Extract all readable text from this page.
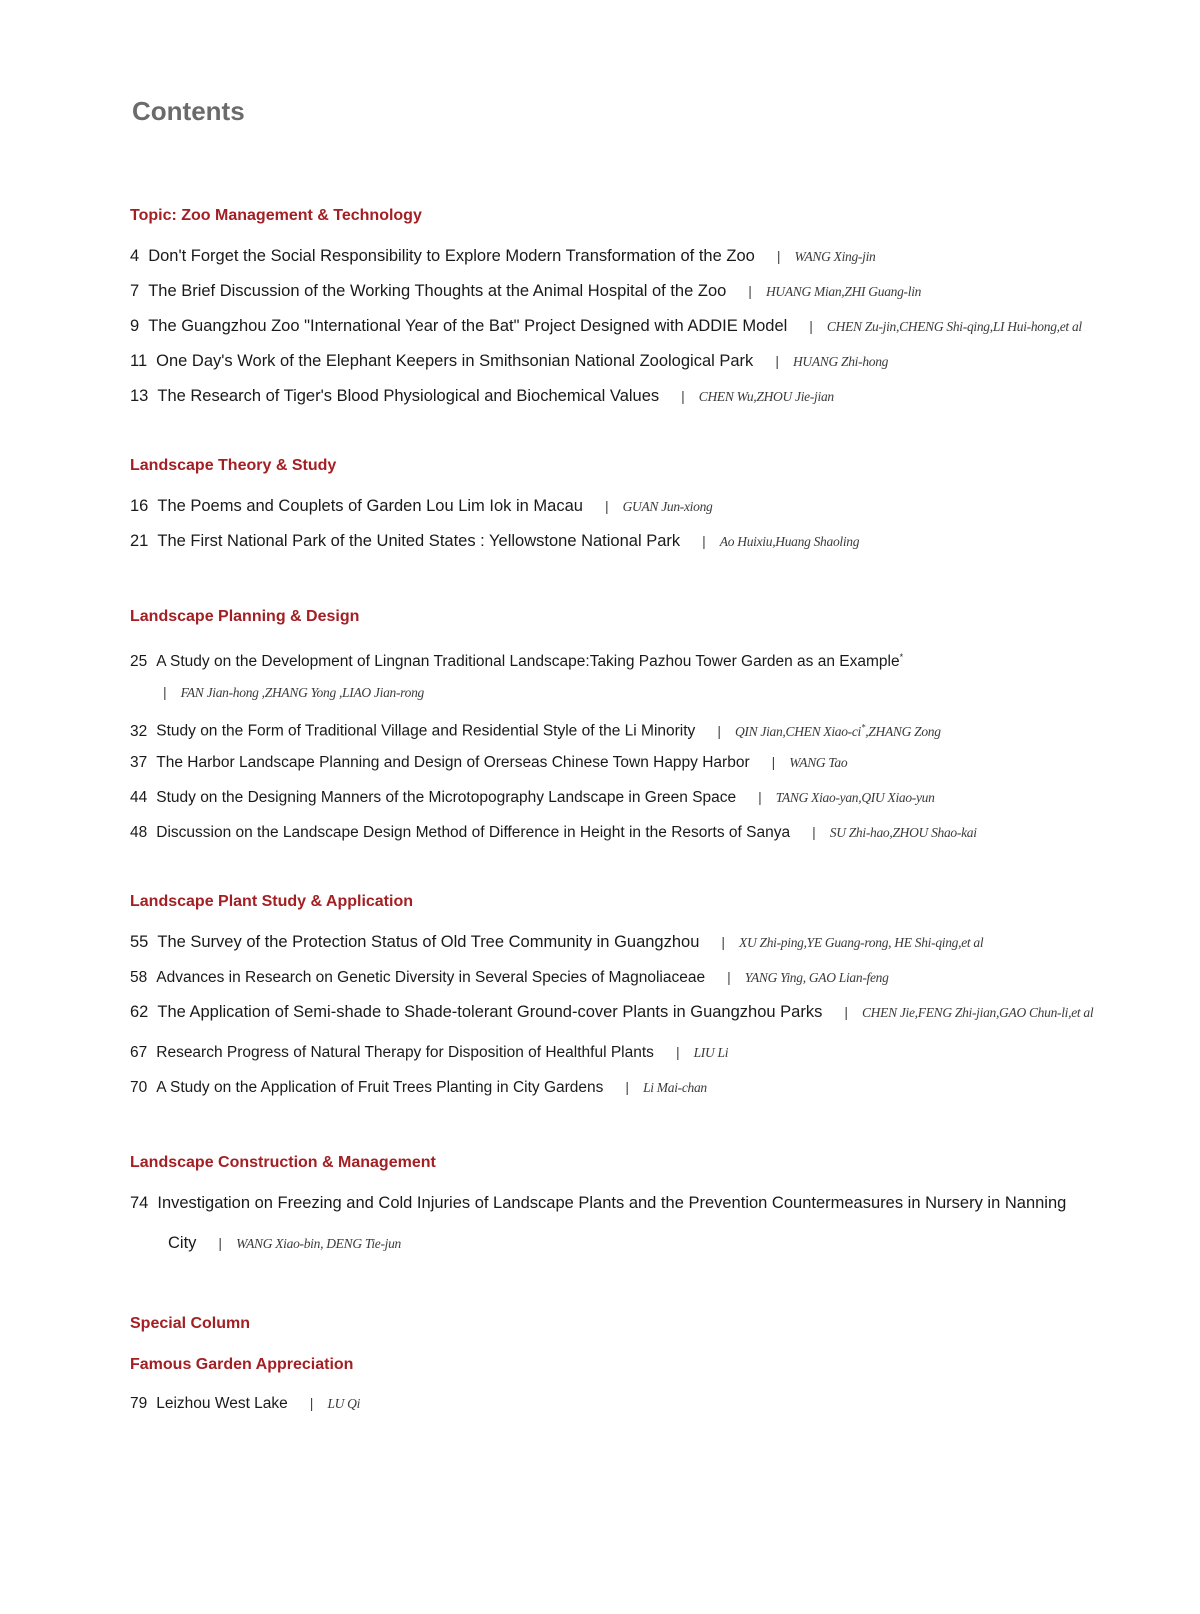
Contents
Topic: Zoo Management & Technology
4 Don't Forget the Social Responsibility to Explore Modern Transformation of the Zoo | WANG Xing-jin
7 The Brief Discussion of the Working Thoughts at the Animal Hospital of the Zoo | HUANG Mian,ZHI Guang-lin
9 The Guangzhou Zoo "International Year of the Bat" Project Designed with ADDIE Model | CHEN Zu-jin,CHENG Shi-qing,LI Hui-hong,et al
11 One Day's Work of the Elephant Keepers in Smithsonian National Zoological Park | HUANG Zhi-hong
13 The Research of Tiger's Blood Physiological and Biochemical Values | CHEN Wu,ZHOU Jie-jian
Landscape Theory & Study
16 The Poems and Couplets of Garden Lou Lim Iok in Macau | GUAN Jun-xiong
21 The First National Park of the United States : Yellowstone National Park | Ao Huixiu,Huang Shaoling
Landscape Planning & Design
25 A Study on the Development of Lingnan Traditional Landscape:Taking Pazhou Tower Garden as an Example*
| FAN Jian-hong ,ZHANG Yong ,LIAO Jian-rong
32 Study on the Form of Traditional Village and Residential Style of the Li Minority | QIN Jian,CHEN Xiao-ci*,ZHANG Zong
37 The Harbor Landscape Planning and Design of Orerseas Chinese Town Happy Harbor | WANG Tao
44 Study on the Designing Manners of the Microtopography Landscape in Green Space | TANG Xiao-yan,QIU Xiao-yun
48 Discussion on the Landscape Design Method of Difference in Height in the Resorts of Sanya | SU Zhi-hao,ZHOU Shao-kai
Landscape Plant Study & Application
55 The Survey of the Protection Status of Old Tree Community in Guangzhou | XU Zhi-ping,YE Guang-rong, HE Shi-qing,et al
58 Advances in Research on Genetic Diversity in Several Species of Magnoliaceae | YANG Ying, GAO Lian-feng
62 The Application of Semi-shade to Shade-tolerant Ground-cover Plants in Guangzhou Parks | CHEN Jie,FENG Zhi-jian,GAO Chun-li,et al
67 Research Progress of Natural Therapy for Disposition of Healthful Plants | LIU Li
70 A Study on the Application of Fruit Trees Planting in City Gardens | Li Mai-chan
Landscape Construction & Management
74 Investigation on Freezing and Cold Injuries of Landscape Plants and the Prevention Countermeasures in Nursery in Nanning
City | WANG Xiao-bin, DENG Tie-jun
Special Column
Famous Garden Appreciation
79 Leizhou West Lake | LU Qi
